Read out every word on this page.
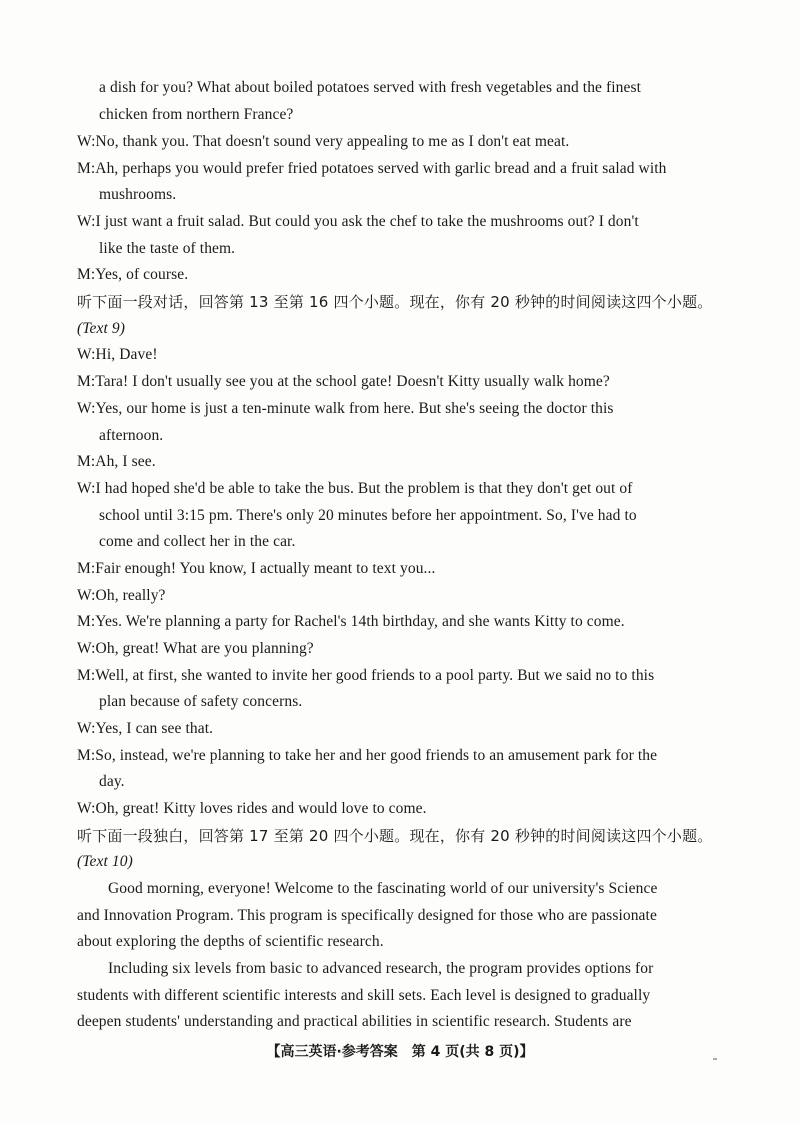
a dish for you? What about boiled potatoes served with fresh vegetables and the finest
chicken from northern France?
W:No, thank you. That doesn't sound very appealing to me as I don't eat meat.
M:Ah, perhaps you would prefer fried potatoes served with garlic bread and a fruit salad with
mushrooms.
W:I just want a fruit salad. But could you ask the chef to take the mushrooms out? I don't
like the taste of them.
M:Yes, of course.
听下面一段对话，回答第 13 至第 16 四个小题。现在，你有 20 秒钟的时间阅读这四个小题。
(Text 9)
W:Hi, Dave!
M:Tara! I don't usually see you at the school gate! Doesn't Kitty usually walk home?
W:Yes, our home is just a ten-minute walk from here. But she's seeing the doctor this
afternoon.
M:Ah, I see.
W:I had hoped she'd be able to take the bus. But the problem is that they don't get out of
school until 3:15 pm. There's only 20 minutes before her appointment. So, I've had to
come and collect her in the car.
M:Fair enough! You know, I actually meant to text you...
W:Oh, really?
M:Yes. We're planning a party for Rachel's 14th birthday, and she wants Kitty to come.
W:Oh, great! What are you planning?
M:Well, at first, she wanted to invite her good friends to a pool party. But we said no to this
plan because of safety concerns.
W:Yes, I can see that.
M:So, instead, we're planning to take her and her good friends to an amusement park for the
day.
W:Oh, great! Kitty loves rides and would love to come.
听下面一段独白，回答第 17 至第 20 四个小题。现在，你有 20 秒钟的时间阅读这四个小题。
(Text 10)
Good morning, everyone! Welcome to the fascinating world of our university's Science
and Innovation Program. This program is specifically designed for those who are passionate
about exploring the depths of scientific research.
Including six levels from basic to advanced research, the program provides options for
students with different scientific interests and skill sets. Each level is designed to gradually
deepen students' understanding and practical abilities in scientific research. Students are
【高三英语·参考答案　第 4 页(共 8 页)】
